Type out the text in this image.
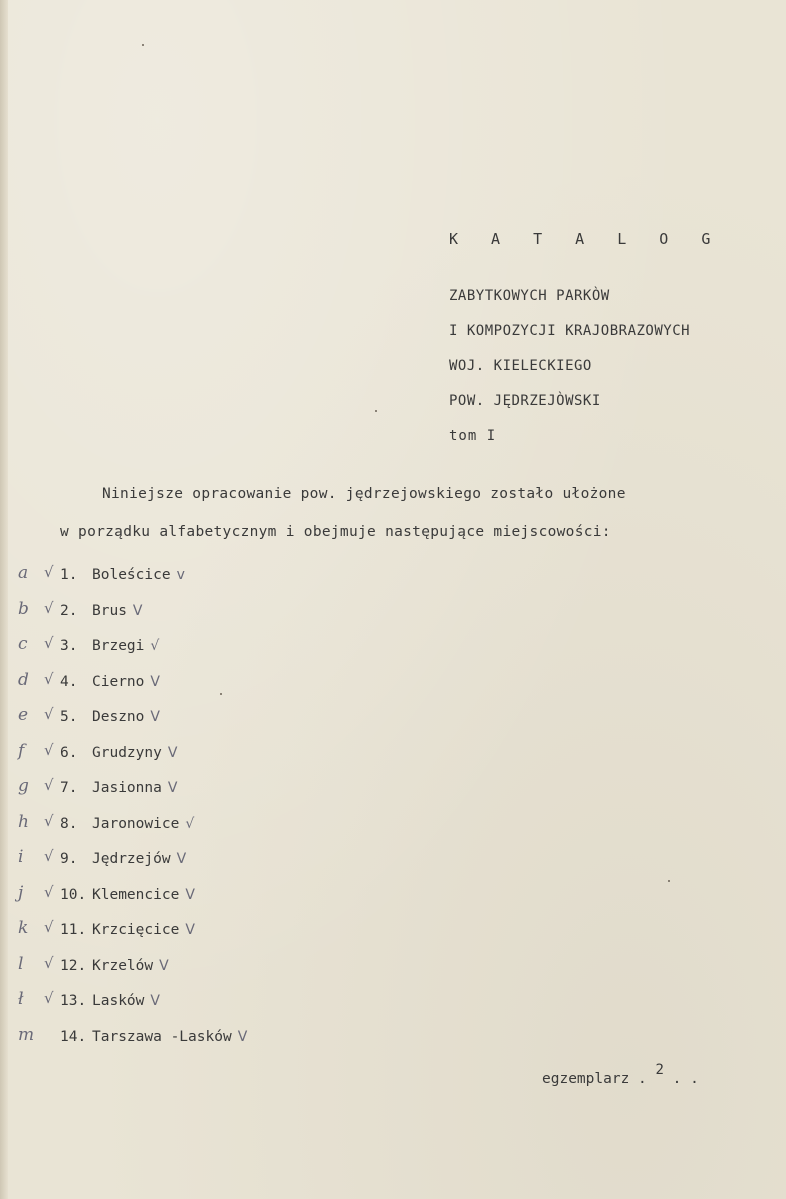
K A T A L O G
ZABYTKOWYCH PARKÒW
I KOMPOZYCJI KRAJOBRAZOWYCH
WOJ. KIELECKIEGO
POW. JĘDRZEJÒWSKI
tom I
Niniejsze opracowanie pow. jędrzejowskiego zostało ułożone
w porządku alfabetycznym i obejmuje następujące miejscowości:
a √ 1. Boleścice v
b √ 2. Brus V
c √ 3. Brzegi √
d √ 4. Cierno V
e √ 5. Deszno V
f √ 6. Grudzyny V
g √ 7. Jasionna V
h √ 8. Jaronowice √
i √ 9. Jędrzejów V
j √ 10. Klemencice V
k √ 11. Krzcięcice V
l √ 12. Krzelów V
ł √ 13. Lasków V
m 14. Tarszawa -Lasków V
egzemplarz . 2 . .
